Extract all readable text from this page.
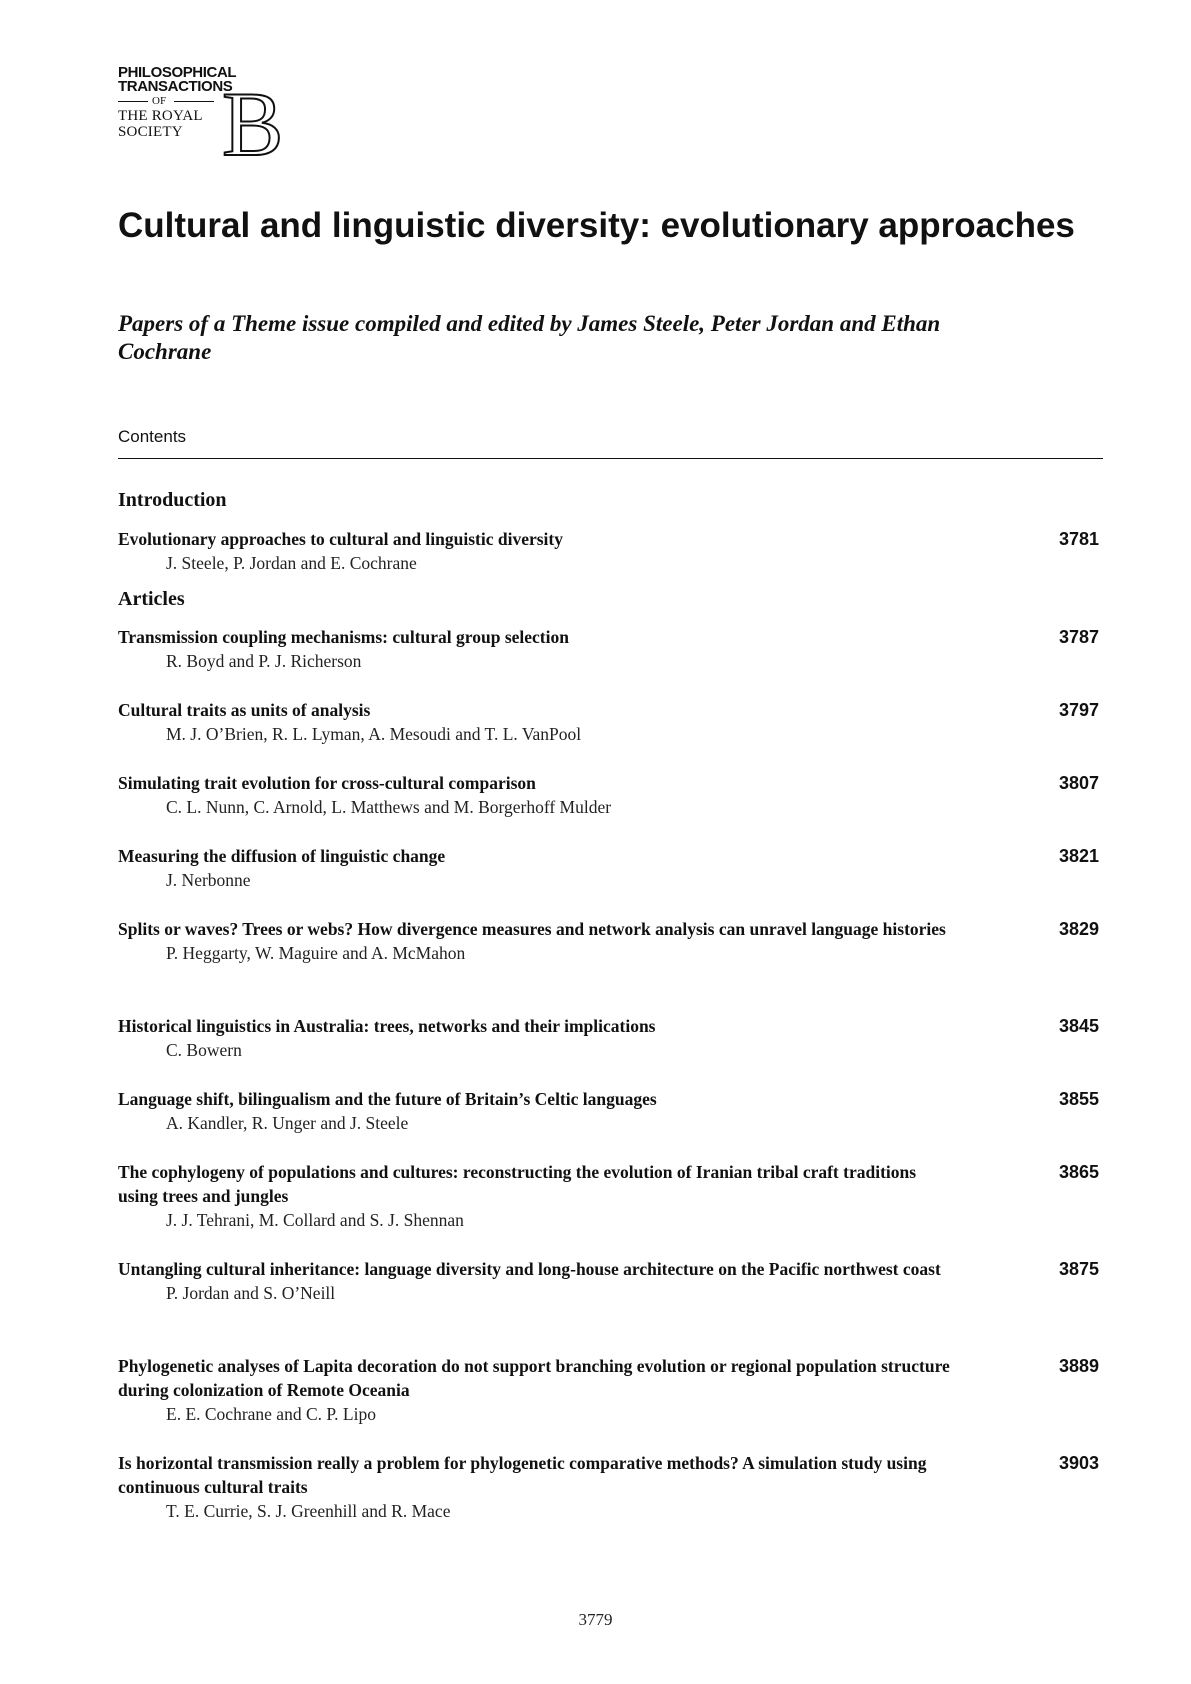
PHILOSOPHICAL
TRANSACTIONS
OF
THE ROYAL
SOCIETY B
Cultural and linguistic diversity: evolutionary approaches

Papers of a Theme issue compiled and edited by James Steele, Peter Jordan and Ethan Cochrane

Contents
Introduction
Evolutionary approaches to cultural and linguistic diversity
J. Steele, P. Jordan and E. Cochrane
3781
Articles
Transmission coupling mechanisms: cultural group selection
R. Boyd and P. J. Richerson
3787
Cultural traits as units of analysis
M. J. O’Brien, R. L. Lyman, A. Mesoudi and T. L. VanPool
3797
Simulating trait evolution for cross-cultural comparison
C. L. Nunn, C. Arnold, L. Matthews and M. Borgerhoff Mulder
3807
Measuring the diffusion of linguistic change
J. Nerbonne
3821
Splits or waves? Trees or webs? How divergence measures and network analysis can unravel language histories
P. Heggarty, W. Maguire and A. McMahon
3829
Historical linguistics in Australia: trees, networks and their implications
C. Bowern
3845
Language shift, bilingualism and the future of Britain’s Celtic languages
A. Kandler, R. Unger and J. Steele
3855
The cophylogeny of populations and cultures: reconstructing the evolution of Iranian tribal craft traditions using trees and jungles
J. J. Tehrani, M. Collard and S. J. Shennan
3865
Untangling cultural inheritance: language diversity and long-house architecture on the Pacific northwest coast
P. Jordan and S. O’Neill
3875
Phylogenetic analyses of Lapita decoration do not support branching evolution or regional population structure during colonization of Remote Oceania
E. E. Cochrane and C. P. Lipo
3889
Is horizontal transmission really a problem for phylogenetic comparative methods? A simulation study using continuous cultural traits
T. E. Currie, S. J. Greenhill and R. Mace
3903
3779
